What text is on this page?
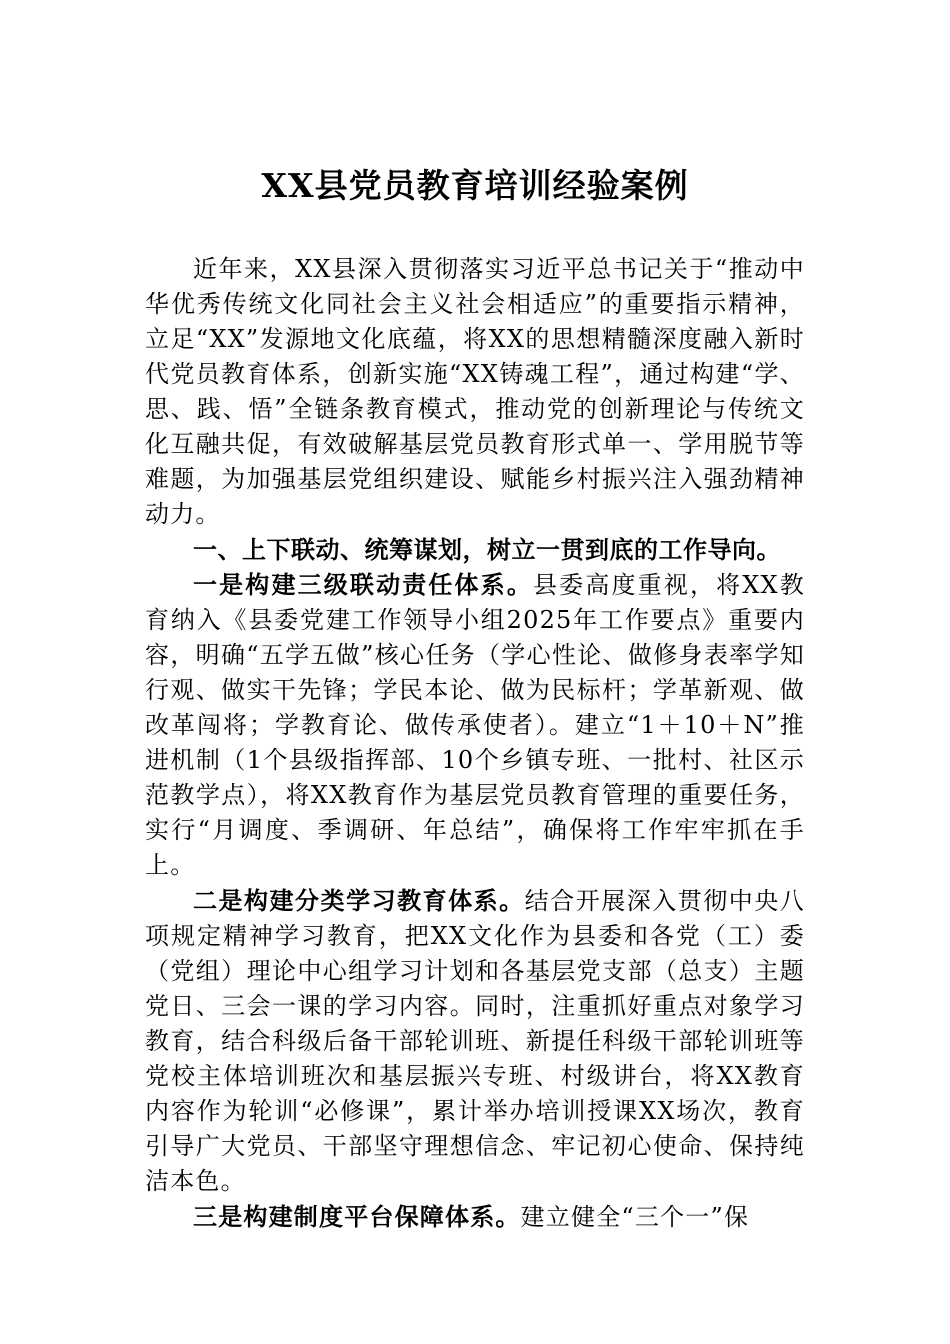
XX县党员教育培训经验案例

近年来，XX县深入贯彻落实习近平总书记关于“推动中华优秀传统文化同社会主义社会相适应”的重要指示精神，立足“XX”发源地文化底蕴，将XX的思想精髓深度融入新时代党员教育体系，创新实施“XX铸魂工程”，通过构建“学、思、践、悟”全链条教育模式，推动党的创新理论与传统文化互融共促，有效破解基层党员教育形式单一、学用脱节等难题，为加强基层党组织建设、赋能乡村振兴注入强劲精神动力。

一、上下联动、统筹谋划，树立一贯到底的工作导向。

一是构建三级联动责任体系。县委高度重视，将XX教育纳入《县委党建工作领导小组2025年工作要点》重要内容，明确“五学五做”核心任务（学心性论、做修身表率学知行观、做实干先锋；学民本论、做为民标杆；学革新观、做改革闯将；学教育论、做传承使者）。建立“1＋10＋N”推进机制（1个县级指挥部、10个乡镇专班、一批村、社区示范教学点），将XX教育作为基层党员教育管理的重要任务，实行“月调度、季调研、年总结”，确保将工作牢牢抓在手上。

二是构建分类学习教育体系。结合开展深入贯彻中央八项规定精神学习教育，把XX文化作为县委和各党（工）委（党组）理论中心组学习计划和各基层党支部（总支）主题党日、三会一课的学习内容。同时，注重抓好重点对象学习教育，结合科级后备干部轮训班、新提任科级干部轮训班等党校主体培训班次和基层振兴专班、村级讲台，将XX教育内容作为轮训“必修课”，累计举办培训授课XX场次，教育引导广大党员、干部坚守理想信念、牢记初心使命、保持纯洁本色。

三是构建制度平台保障体系。建立健全“三个一”保
